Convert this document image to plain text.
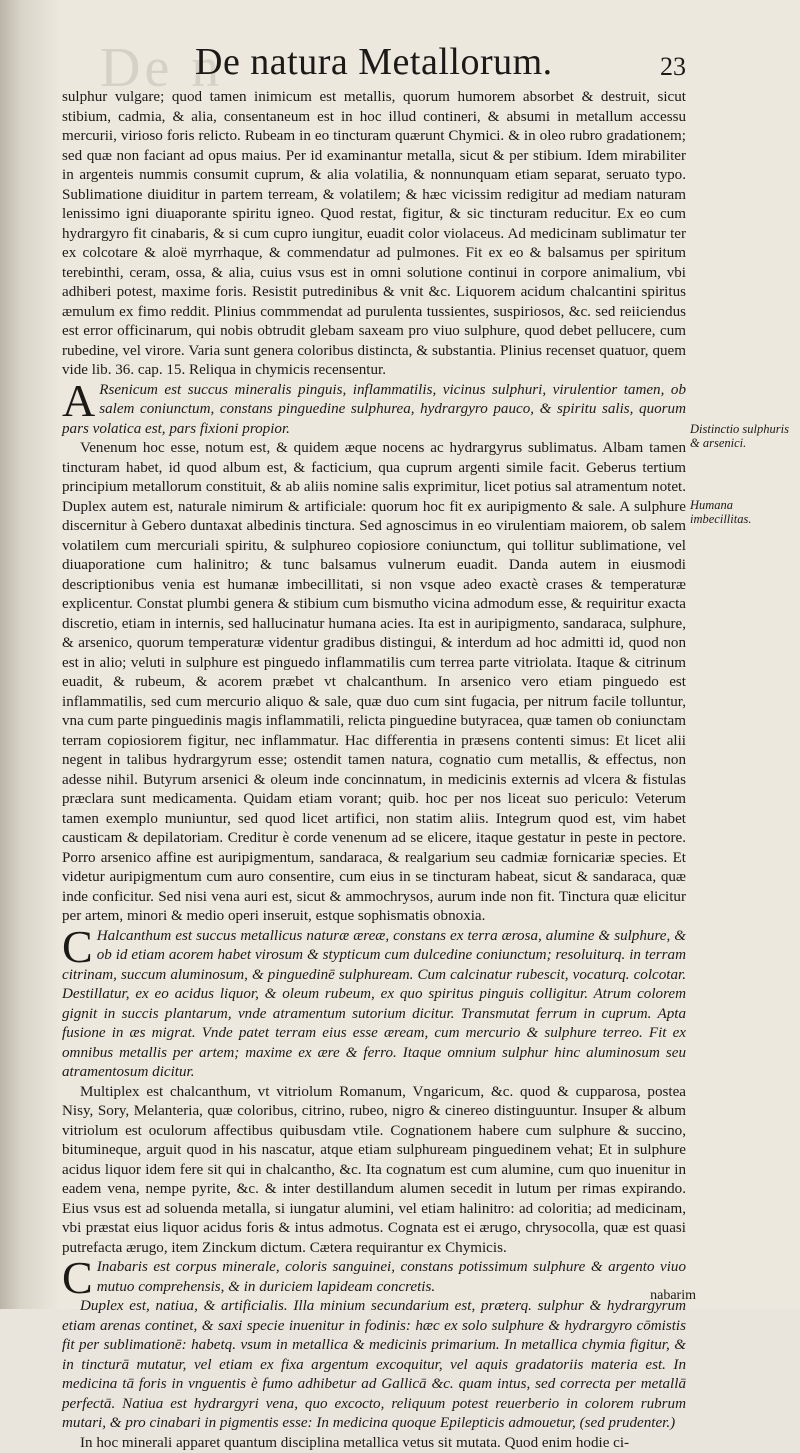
De n
De natura Metallorum.	23

sulphur vulgare; quod tamen inimicum est metallis, quorum humorem absorbet & destruit, sicut stibium, cadmia, & alia, consentaneum est in hoc illud contineri, & absumi in metallum accessu mercurii, virioso foris relicto. Rubeam in eo tincturam quærunt Chymici. & in oleo rubro gradationem; sed quæ non faciant ad opus maius. Per id examinantur metalla, sicut & per stibium. Idem mirabiliter in argenteis nummis consumit cuprum, & alia volatilia, & nonnunquam etiam separat, seruato typo. Sublimatione diuiditur in partem terream, & volatilem; & hæc vicissim redigitur ad mediam naturam lenissimo igni diuaporante spiritu igneo. Quod restat, figitur, & sic tincturam reducitur. Ex eo cum hydrargyro fit cinabaris, & si cum cupro iungitur, euadit color violaceus. Ad medicinam sublimatur ter ex colcotare & aloë myrrhaque, & commendatur ad pulmones. Fit ex eo & balsamus per spiritum terebinthi, ceram, ossa, & alia, cuius vsus est in omni solutione continui in corpore animalium, vbi adhiberi potest, maxime foris. Resistit putredinibus & vnit &c. Liquorem acidum chalcantini spiritus æmulum ex fimo reddit. Plinius commmendat ad purulenta tussientes, suspiriosos, &c. sed reiiciendus est error officinarum, qui nobis obtrudit glebam saxeam pro viuo sulphure, quod debet pellucere, cum rubedine, vel virore. Varia sunt genera coloribus distincta, & substantia. Plinius recenset quatuor, quem vide lib. 36. cap. 15. Reliqua in chymicis recensentur.

A Rsenicum est succus mineralis pinguis, inflammatilis, vicinus sulphuri, virulentior tamen, ob salem coniunctum, constans pinguedine sulphurea, hydrargyro pauco, & spiritu salis, quorum pars volatica est, pars fixioni propior.

Venenum hoc esse, notum est, & quidem æque nocens ac hydrargyrus sublimatus. Albam tamen tincturam habet, id quod album est, & facticium, qua cuprum argenti simile facit. Geberus tertium principium metallorum constituit, & ab aliis nomine salis exprimitur, licet potius sal atramentum notet. Duplex autem est, naturale nimirum & artificiale: quorum hoc fit ex auripigmento & sale. A sulphure discernitur à Gebero duntaxat albedinis tinctura. Sed agnoscimus in eo virulentiam maiorem, ob salem volatilem cum mercuriali spiritu, & sulphureo copiosiore coniunctum, qui tollitur sublimatione, vel diuaporatione cum halinitro; & tunc balsamus vulnerum euadit. Danda autem in eiusmodi descriptionibus venia est humanæ imbecillitati, si non vsque adeo exactè crases & temperaturæ explicentur. Constat plumbi genera & stibium cum bismutho vicina admodum esse, & requiritur exacta discretio, etiam in internis, sed hallucinatur humana acies. Ita est in auripigmento, sandaraca, sulphure, & arsenico, quorum temperaturæ videntur gradibus distingui, & interdum ad hoc admitti id, quod non est in alio; veluti in sulphure est pinguedo inflammatilis cum terrea parte vitriolata. Itaque & citrinum euadit, & rubeum, & acorem præbet vt chalcanthum. In arsenico vero etiam pinguedo est inflammatilis, sed cum mercurio aliquo & sale, quæ duo cum sint fugacia, per nitrum facile tolluntur, vna cum parte pinguedinis magis inflammatili, relicta pinguedine butyracea, quæ tamen ob coniunctam terram copiosiorem figitur, nec inflammatur. Hac differentia in præsens contenti simus: Et licet alii negent in talibus hydrargyrum esse; ostendit tamen natura, cognatio cum metallis, & effectus, non adesse nihil. Butyrum arsenici & oleum inde concinnatum, in medicinis externis ad vlcera & fistulas præclara sunt medicamenta. Quidam etiam vorant; quib. hoc per nos liceat suo periculo: Veterum tamen exemplo muniuntur, sed quod licet artifici, non statim aliis. Integrum quod est, vim habet causticam & depilatoriam. Creditur è corde venenum ad se elicere, itaque gestatur in peste in pectore. Porro arsenico affine est auripigmentum, sandaraca, & realgarium seu cadmiæ fornicariæ species. Et videtur auripigmentum cum auro consentire, cum eius in se tincturam habeat, sicut & sandaraca, quæ inde conficitur. Sed nisi vena auri est, sicut & ammochrysos, aurum inde non fit. Tinctura quæ elicitur per artem, minori & medio operi inseruit, estque sophismatis obnoxia.

C Halcanthum est succus metallicus naturæ æreæ, constans ex terra ærosa, alumine & sulphure, & ob id etiam acorem habet virosum & stypticum cum dulcedine coniunctum; resoluiturq. in terram citrinam, succum aluminosum, & pinguedinē sulphuream. Cum calcinatur rubescit, vocaturq. colcotar. Destillatur, ex eo acidus liquor, & oleum rubeum, ex quo spiritus pinguis colligitur. Atrum colorem gignit in succis plantarum, vnde atramentum sutorium dicitur. Transmutat ferrum in cuprum. Apta fusione in æs migrat. Vnde patet terram eius esse æream, cum mercurio & sulphure terreo. Fit ex omnibus metallis per artem; maxime ex ære & ferro. Itaque omnium sulphur hinc aluminosum seu atramentosum dicitur.

Multiplex est chalcanthum, vt vitriolum Romanum, Vngaricum, &c. quod & cupparosa, postea Nisy, Sory, Melanteria, quæ coloribus, citrino, rubeo, nigro & cinereo distinguuntur. Insuper & album vitriolum est oculorum affectibus quibusdam vtile. Cognationem habere cum sulphure & succino, bitumineque, arguit quod in his nascatur, atque etiam sulphuream pinguedinem vehat; Et in sulphure acidus liquor idem fere sit qui in chalcantho, &c. Ita cognatum est cum alumine, cum quo inuenitur in eadem vena, nempe pyrite, &c. & inter destillandum alumen secedit in lutum per rimas expirando. Eius vsus est ad soluenda metalla, si iungatur alumini, vel etiam halinitro: ad coloritia; ad medicinam, vbi præstat eius liquor acidus foris & intus admotus. Cognata est ei ærugo, chrysocolla, quæ est quasi putrefacta ærugo, item Zinckum dictum. Cætera requirantur ex Chymicis.

C Inabaris est corpus minerale, coloris sanguinei, constans potissimum sulphure & argento viuo mutuo comprehensis, & in duriciem lapideam concretis.

Duplex est, natiua, & artificialis. Illa minium secundarium est, præterq. sulphur & hydrargyrum etiam arenas continet, & saxi specie inuenitur in fodinis: hæc ex solo sulphure & hydrargyro cōmistis fit per sublimationē: habetq. vsum in metallica & medicinis primarium. In metallica chymia figitur, & in tincturā mutatur, vel etiam ex fixa argentum excoquitur, vel aquis gradatoriis materia est. In medicina tā foris in vnguentis è fumo adhibetur ad Gallicā &c. quam intus, sed correcta per metallā perfectā. Natiua est hydrargyri vena, quo excocto, reliquum potest reuerberio in colorem rubrum mutari, & pro cinabari in pigmentis esse: In medicina quoque Epilepticis admouetur, (sed prudenter.)

In hoc minerali apparet quantum disciplina metallica vetus sit mutata. Quod enim hodie ci-

Distinctio sulphuris & arsenici.
Humana imbecillitas.
nabarim
